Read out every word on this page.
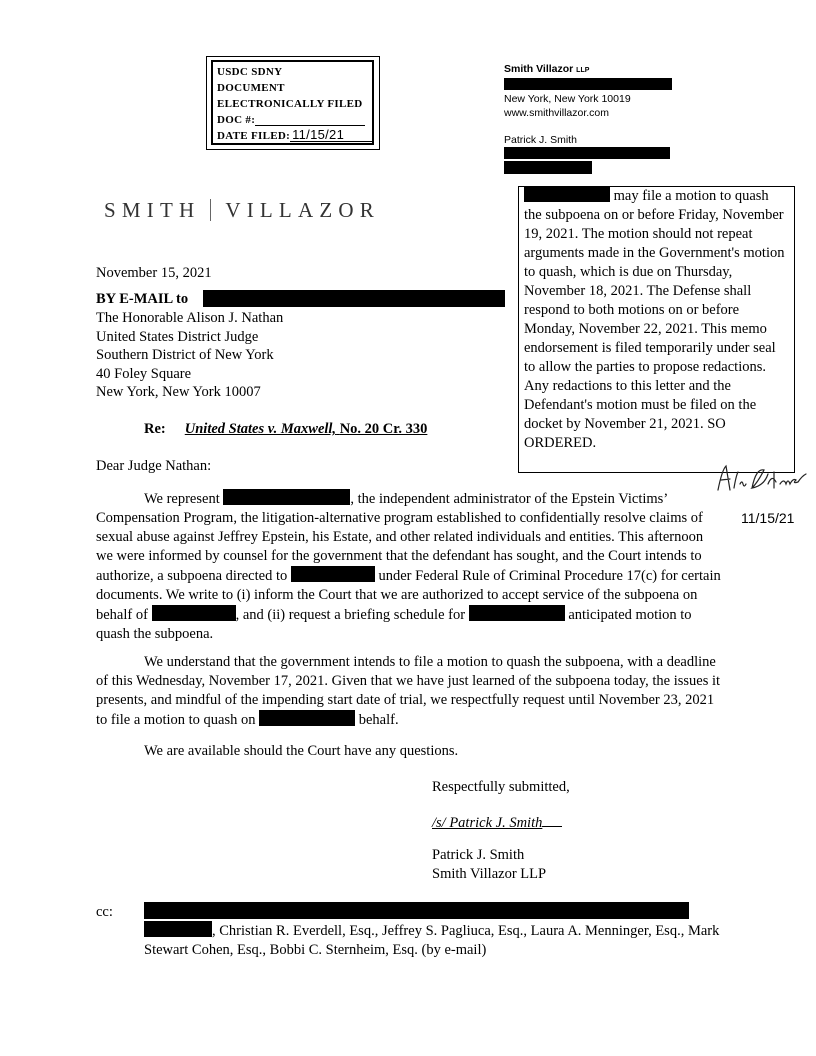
USDC SDNY
DOCUMENT
ELECTRONICALLY FILED
DOC #:
DATE FILED: 11/15/21
Smith Villazor LLP
New York, New York 10019
www.smithvillazor.com
Patrick J. Smith
SMITH VILLAZOR
may file a motion to quash the subpoena on or before Friday, November 19, 2021. The motion should not repeat arguments made in the Government's motion to quash, which is due on Thursday, November 18, 2021. The Defense shall respond to both motions on or before Monday, November 22, 2021. This memo endorsement is filed temporarily under seal to allow the parties to propose redactions. Any redactions to this letter and the Defendant's motion must be filed on the docket by November 21, 2021. SO ORDERED.
11/15/21
November 15, 2021
BY E-MAIL to
The Honorable Alison J. Nathan
United States District Judge
Southern District of New York
40 Foley Square
New York, New York 10007
Re: United States v. Maxwell, No. 20 Cr. 330
Dear Judge Nathan:
We represent	, the independent administrator of the Epstein Victims’ Compensation Program, the litigation-alternative program established to confidentially resolve claims of sexual abuse against Jeffrey Epstein, his Estate, and other related individuals and entities. This afternoon we were informed by counsel for the government that the defendant has sought, and the Court intends to authorize, a subpoena directed to	under Federal Rule of Criminal Procedure 17(c) for certain documents. We write to (i) inform the Court that we are authorized to accept service of the subpoena on behalf of	, and (ii) request a briefing schedule for	anticipated motion to quash the subpoena.
We understand that the government intends to file a motion to quash the subpoena, with a deadline of this Wednesday, November 17, 2021. Given that we have just learned of the subpoena today, the issues it presents, and mindful of the impending start date of trial, we respectfully request until November 23, 2021 to file a motion to quash on	behalf.
We are available should the Court have any questions.
Respectfully submitted,
/s/ Patrick J. Smith
Patrick J. Smith
Smith Villazor LLP
cc:
, Christian R. Everdell, Esq., Jeffrey S. Pagliuca, Esq., Laura A. Menninger, Esq., Mark Stewart Cohen, Esq., Bobbi C. Sternheim, Esq. (by e-mail)
